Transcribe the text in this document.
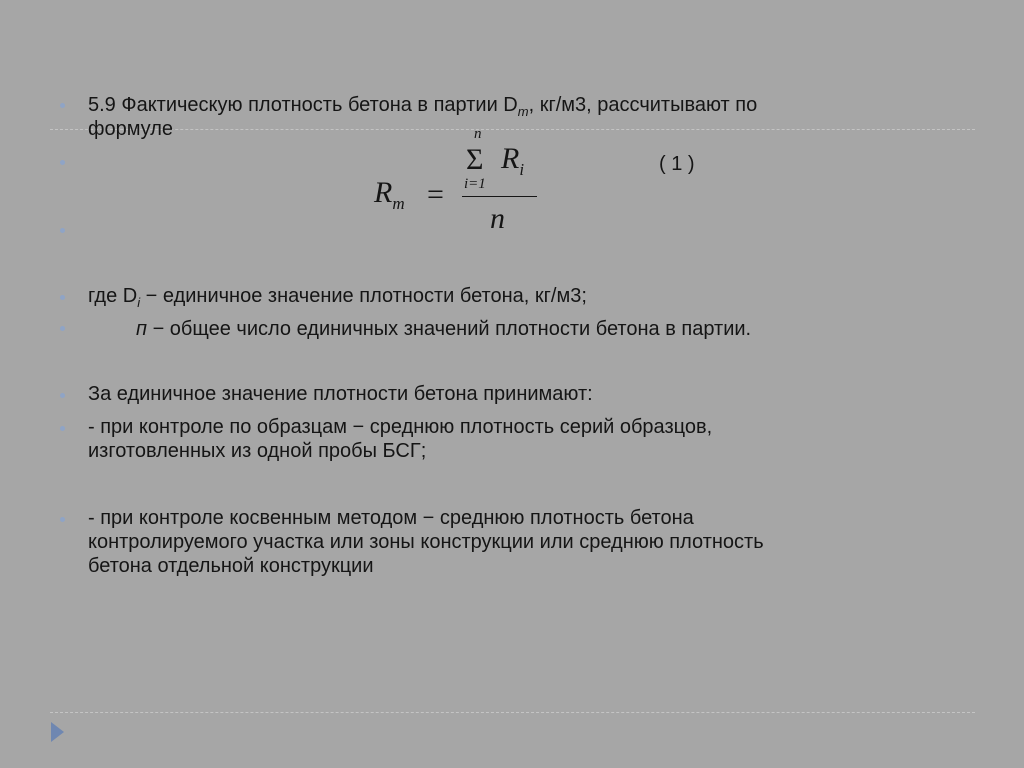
5.9 Фактическую плотность бетона в партии $D_m$, кг/м3, рассчитывают по
формуле
$R_m$ =
n
Σ $R_i$
i=1
n
( 1 )
где $D_i$ − единичное значение плотности бетона, кг/м3;
п − общее число единичных значений плотности бетона в партии.
За единичное значение плотности бетона принимают:
- при контроле по образцам − среднюю плотность серий образцов,
изготовленных из одной пробы БСГ;
- при контроле косвенным методом − среднюю плотность бетона
контролируемого участка или зоны конструкции или среднюю плотность
бетона отдельной конструкции
